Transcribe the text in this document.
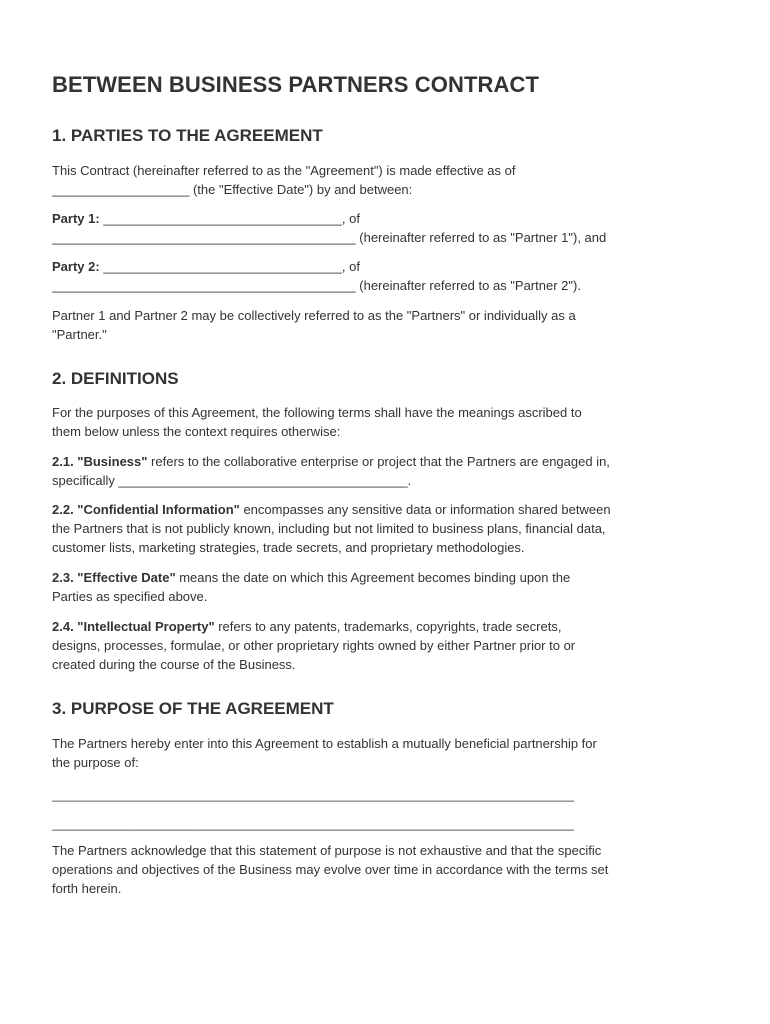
BETWEEN BUSINESS PARTNERS CONTRACT
1. PARTIES TO THE AGREEMENT
This Contract (hereinafter referred to as the "Agreement") is made effective as of
___________________ (the "Effective Date") by and between:
Party 1: _________________________________, of
__________________________________________ (hereinafter referred to as "Partner 1"), and
Party 2: _________________________________, of
__________________________________________ (hereinafter referred to as "Partner 2").
Partner 1 and Partner 2 may be collectively referred to as the "Partners" or individually as a
"Partner."
2. DEFINITIONS
For the purposes of this Agreement, the following terms shall have the meanings ascribed to
them below unless the context requires otherwise:
2.1. "Business" refers to the collaborative enterprise or project that the Partners are engaged in,
specifically ________________________________________.
2.2. "Confidential Information" encompasses any sensitive data or information shared between
the Partners that is not publicly known, including but not limited to business plans, financial data,
customer lists, marketing strategies, trade secrets, and proprietary methodologies.
2.3. "Effective Date" means the date on which this Agreement becomes binding upon the
Parties as specified above.
2.4. "Intellectual Property" refers to any patents, trademarks, copyrights, trade secrets,
designs, processes, formulae, or other proprietary rights owned by either Partner prior to or
created during the course of the Business.
3. PURPOSE OF THE AGREEMENT
The Partners hereby enter into this Agreement to establish a mutually beneficial partnership for
the purpose of:
_____________________________________________________________________________
_____________________________________________________________________________
The Partners acknowledge that this statement of purpose is not exhaustive and that the specific
operations and objectives of the Business may evolve over time in accordance with the terms set
forth herein.
